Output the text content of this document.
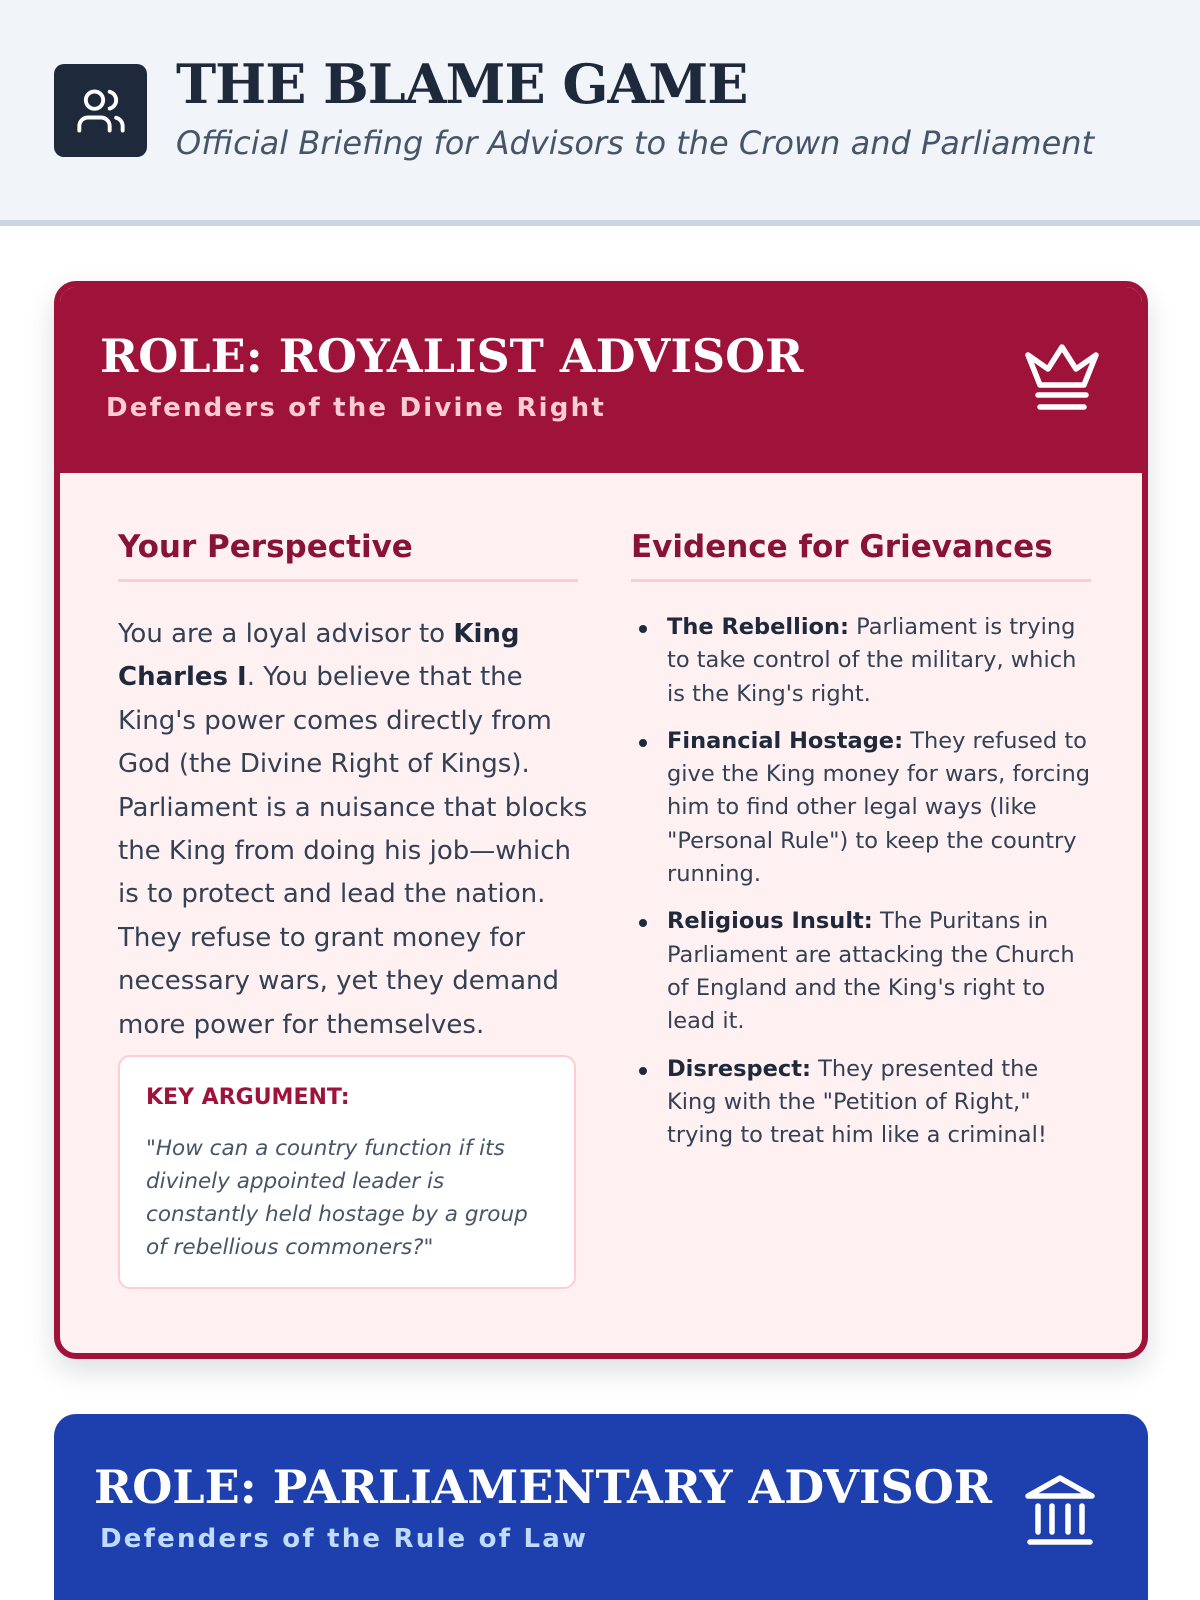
THE BLAME GAME
Official Briefing for Advisors to the Crown and Parliament
ROLE: ROYALIST ADVISOR
Defenders of the Divine Right
Your Perspective

You are a loyal advisor to King Charles I. You believe that the King's power comes directly from God (the Divine Right of Kings). Parliament is a nuisance that blocks the King from doing his job—which is to protect and lead the nation. They refuse to grant money for necessary wars, yet they demand more power for themselves.

KEY ARGUMENT:
"How can a country function if its divinely appointed leader is constantly held hostage by a group of rebellious commoners?"
Evidence for Grievances
The Rebellion: Parliament is trying to take control of the military, which is the King's right.
Financial Hostage: They refused to give the King money for wars, forcing him to find other legal ways (like "Personal Rule") to keep the country running.
Religious Insult: The Puritans in Parliament are attacking the Church of England and the King's right to lead it.
Disrespect: They presented the King with the "Petition of Right," trying to treat him like a criminal!
ROLE: PARLIAMENTARY ADVISOR
Defenders of the Rule of Law
